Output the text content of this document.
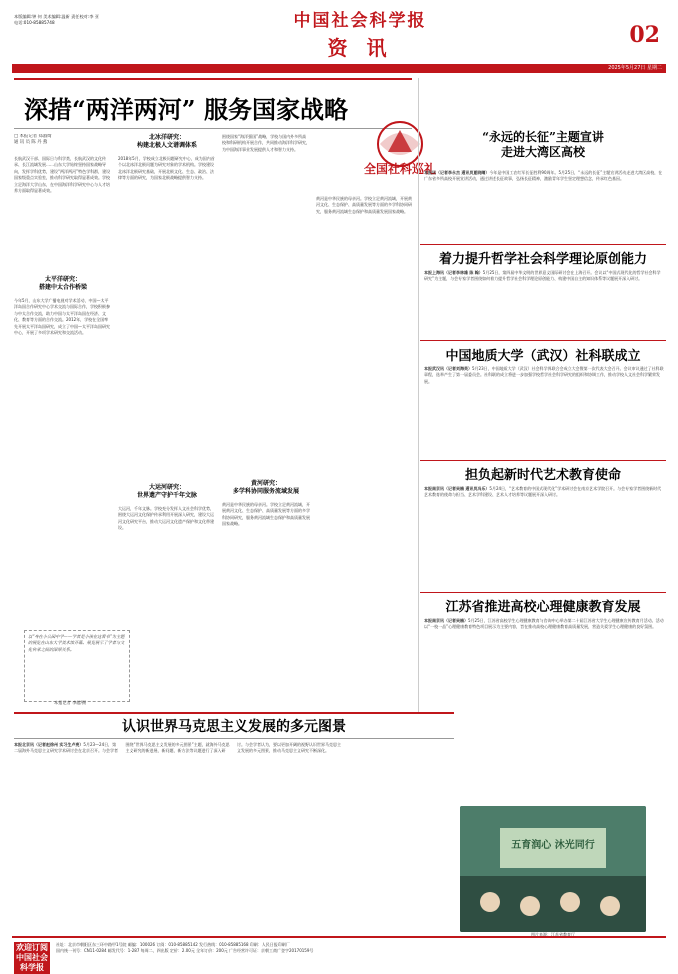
本版编辑:钟 何 美术编辑:温新 责任校对:李 亚
电话:010-85885748	中国社会科学报
资 讯	02
中国社会科学网 www.cssn.cn
2025年5月27日 星期二
深措“两洋两河” 服务国家战略
全国社科巡礼
□ 本报记者 郑淑绮
通 讯 员 陈 丹 燕
长航武汉干部、国际日与科学类，长航武汉的文化传承、长江流域发展……山东大学始终坚持国家战略导向，发挥学科优势，建设“两洋两河”特色学科群，建设国家级重点实验室，推动科学研究取得显著成效。学校立足海洋大学山东，在中国海洋科学研究中心与人才培养方面取得显著成效。
太平洋研究：
搭建中太合作桥梁
今年5月，山东大学广播电视对学术活动、中国—太平洋岛国合作研究中心学术交流与国际合作，学校积极参与中太合作交流，助力中国与太平洋岛国在经济、文化、教育等方面的合作交流。2012年，学校在全国率先开展太平洋岛国研究，成立了中国—太平洋岛国研究中心，开展了多项学术研究和交流活动。
以“身在小公园中学——学者是小孩在这看书”为主题的展览在山东大学美术馆开幕。展览展示了学者与文化传承之间的深厚关系。
本报记者 李超/摄
北冰洋研究：
构建北极人文谱调体系
2018年5月，学校成立北极问题研究中心，成为国内首个以北冰洋北极问题为研究对象的学术机构。学校建设北冰洋北极研究基础，开展北极文化、生态、政治、法律等方面的研究，为国家北极战略提供智力支持。
大运河研究：
世界遗产守护千年文脉
大运河，千年文脉。学校充分发挥人文社会科学优势，围绕大运河文化保护传承利用开展深入研究，建设大运河文化研究平台，推动大运河文化遗产保护和文化带建设。
围绕国家“海洋强国”战略，学校与国内外多所高校和科研机构开展合作，共同推动海洋科学研究，为中国海洋事业发展提供人才和智力支持。
黄河研究：
多学科协同服务流域发展
黄河是中华民族的母亲河。学校立足黄河流域，开展黄河文化、生态保护、高质量发展等方面的多学科协同研究，服务黄河流域生态保护和高质量发展国家战略。
黄河是中华民族的母亲河。学校立足黄河流域，开展黄河文化、生态保护、高质量发展等方面的多学科协同研究，服务黄河流域生态保护和高质量发展国家战略。
“永远的长征”主题宣讲
走进大湾区高校
本报讯（记者李永杰 通讯员夏晓睛）今年是中国工农红军长征胜利90周年。5月25日，“永远的长征”主题宣讲活动走进大湾区高校，在广东省多所高校开展宣讲活动，通过讲述长征故事，弘扬长征精神，激励青年学生坚定理想信念，传承红色基因。
着力提升哲学社会科学理论原创能力
本报上海讯（记者李林雄 陈 翰）5月25日，第四届中华文明的世界意义国际研讨会在上海召开。会议以“中国式现代化的哲学社会科学研究”为主题，与会专家学者围绕如何着力提升哲学社会科学理论原创能力、构建中国自主的知识体系等议题展开深入研讨。
中国地质大学（武汉）社科联成立
本报武汉讯（记者刘海英）5月23日，中国地质大学（武汉）社会科学界联合会成立大会暨第一次代表大会召开。会议审议通过了社科联章程，选举产生了第一届委员会。社科联的成立将进一步加强学校哲学社会科学研究的组织和协调工作，推动学校人文社会科学繁荣发展。
担负起新时代艺术教育使命
本报南京讯（记者吴楠 通讯员冯乐）5月24日，“艺术教育的中国式现代化”学术研讨会在南京艺术学院召开。与会专家学者围绕新时代艺术教育的使命与担当、艺术学科建设、艺术人才培养等议题展开深入研讨。
江苏省推进高校心理健康教育发展
本报南京讯（记者吴楠）5月25日，江苏省高校学生心理健康教育与咨询中心举办第二十届江苏省大学生心理健康宣传教育月活动。活动以“一校一品”心理健康教育特色项目展示为主要内容，旨在推动高校心理健康教育高质量发展，营造关爱学生心理健康的良好氛围。
认识世界马克思主义发展的多元图景
本报北京讯（记者赵徐州 实习生卢亮）5月23—24日，第二届海外马克思主义研究学术研讨会在北京召开。与会学者围绕“世界马克思主义发展的多元图景”主题，就海外马克思主义研究的新进展、新问题、新方法等议题进行了深入研讨。与会学者认为，要以更加开阔的视野认识世界马克思主义发展的多元图景，推动马克思主义研究不断深化。
五育润心 沐光同行
图片来源：江苏省教育厅
欢迎订阅中国社会科学报
社址：北京市朝阳区东三环中路甲1号院 邮编：100026 订阅：010-85885142 发行热线：010-85885168 印刷：人民日报印刷厂
国内统一刊号：CN11-0284 邮发代号：1-287 每周二、四出版 定价：2.00元 全年订价：200元 广告经营许可证：京朝工商广登字20170159号
